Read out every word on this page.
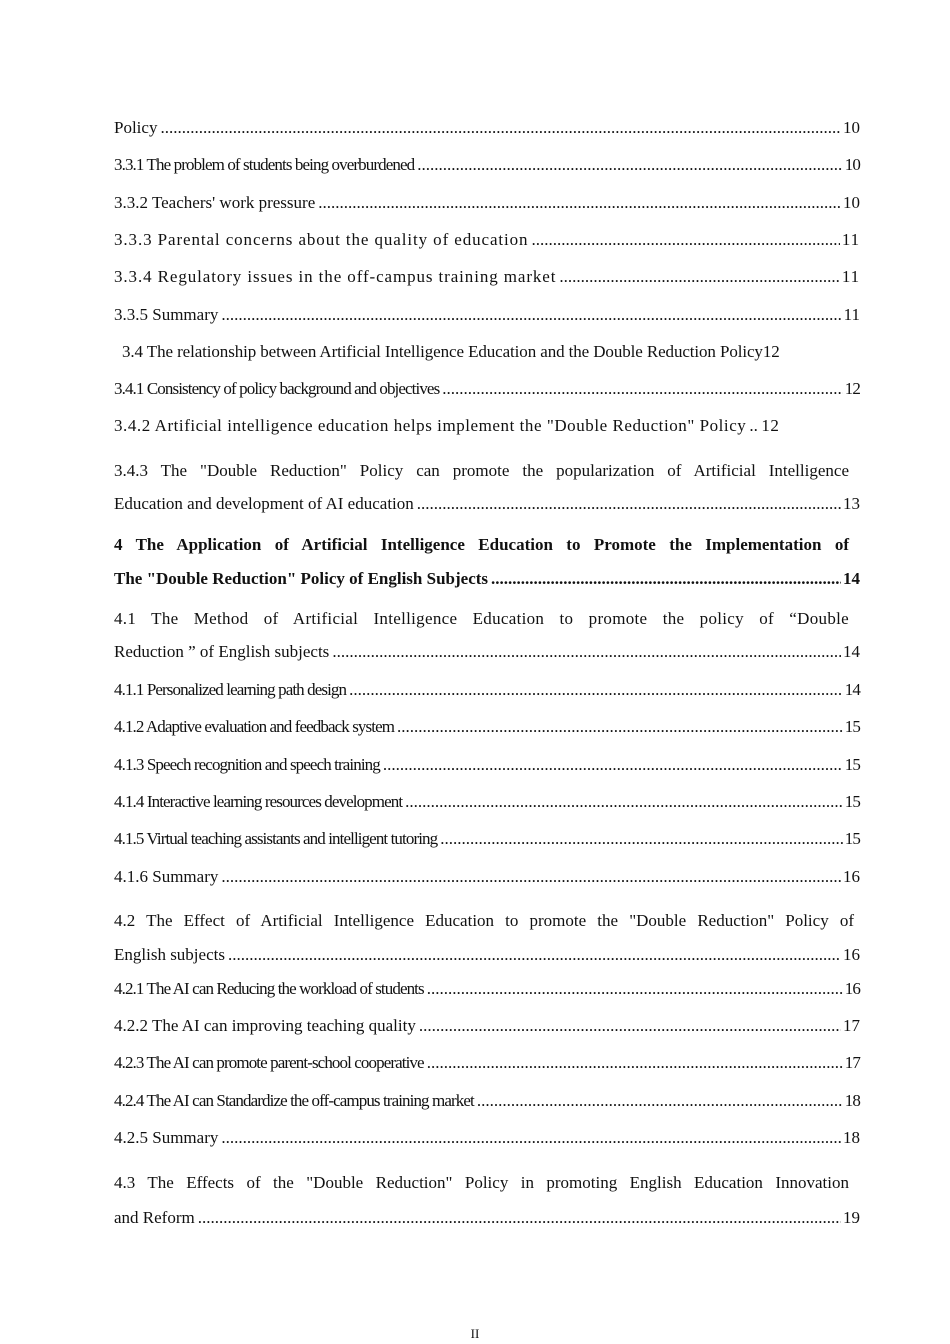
Policy .....	10
3.3.1 The problem of students being overburdened .....	10
3.3.2 Teachers' work pressure .....	10
3.3.3 Parental concerns about the quality of education .....	11
3.3.4 Regulatory issues in the off-campus training market .....	11
3.3.5 Summary .....	11
3.4 The relationship between Artificial Intelligence Education and the Double Reduction Policy 12
3.4.1 Consistency of policy background and objectives .....	12
3.4.2 Artificial intelligence education helps implement the "Double Reduction" Policy ..... 12
3.4.3 The "Double Reduction" Policy can promote the popularization of Artificial Intelligence
Education and development of AI education .....	13
4 The Application of Artificial Intelligence Education to Promote the Implementation of
The "Double Reduction" Policy of English Subjects .....	14
4.1 The Method of Artificial Intelligence Education to promote the policy of “Double
Reduction ” of English subjects .....	14
4.1.1 Personalized learning path design .....	14
4.1.2 Adaptive evaluation and feedback system .....	15
4.1.3 Speech recognition and speech training .....	15
4.1.4 Interactive learning resources development .....	15
4.1.5 Virtual teaching assistants and intelligent tutoring .....	15
4.1.6 Summary .....	16
4.2 The Effect of Artificial Intelligence Education to promote the "Double Reduction" Policy of
English subjects .....	16
4.2.1 The AI can Reducing the workload of students .....	16
4.2.2 The AI can improving teaching quality .....	17
4.2.3 The AI can promote parent-school cooperative .....	17
4.2.4 The AI can Standardize the off-campus training market .....	18
4.2.5 Summary .....	18
4.3 The Effects of the "Double Reduction" Policy in promoting English Education Innovation
and Reform .....	19
II
